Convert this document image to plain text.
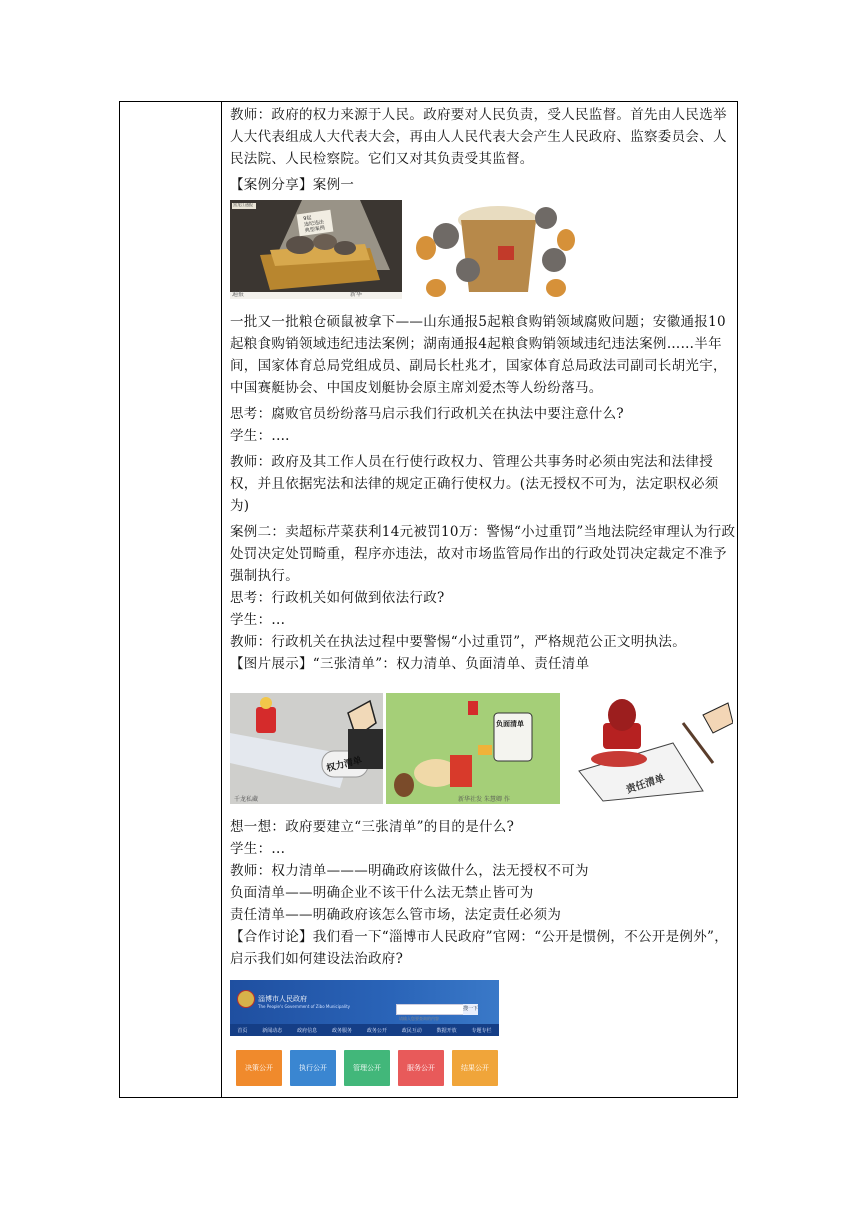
教师：政府的权力来源于人民。政府要对人民负责，受人民监督。首先由人民选举人大代表组成人大代表大会，再由人人民代表大会产生人民政府、监察委员会、人民法院、人民检察院。它们又对其负责受其监督。

【案例分享】案例一

遍报	新华
黑龙江通报
9起
违纪违法
典型案例

一批又一批粮仓硕鼠被拿下——山东通报5起粮食购销领域腐败问题；安徽通报10起粮食购销领域违纪违法案例；湖南通报4起粮食购销领域违纪违法案例……半年间，国家体育总局党组成员、副局长杜兆才，国家体育总局政法司副司长胡光宇，中国赛艇协会、中国皮划艇协会原主席刘爱杰等人纷纷落马。

思考：腐败官员纷纷落马启示我们行政机关在执法中要注意什么?

学生：.…

教师：政府及其工作人员在行使行政权力、管理公共事务时必须由宪法和法律授权，并且依据宪法和法律的规定正确行使权力。(法无授权不可为，法定职权必须为)

案例二：卖超标芹菜获利14元被罚10万：警惕“小过重罚”当地法院经审理认为行政处罚决定处罚畸重，程序亦违法，故对市场监管局作出的行政处罚决定裁定不准予强制执行。

思考：行政机关如何做到依法行政?

学生：...

教师：行政机关在执法过程中要警惕“小过重罚”，严格规范公正文明执法。

【图片展示】“三张清单”：权力清单、负面清单、责任清单

权力清单
千龙私藏
负面清单
新华社发 朱慧卿 作
责任清单

想一想：政府要建立“三张清单”的目的是什么?

学生：...

教师：权力清单———明确政府该做什么，法无授权不可为

负面清单——明确企业不该干什么法无禁止皆可为

责任清单——明确政府该怎么管市场，法定责任必须为

【合作讨论】我们看一下“淄博市人民政府”官网：“公开是惯例，不公开是例外”，启示我们如何建设法治政府?

淄博市人民政府
The People's Government of Zibo Municipality
请输入您要查询的内容
搜一下
首页	新闻动态	政府信息	政务服务	政务公开	政民互动	数据开放	专题专栏
决策公开	执行公开	管理公开	服务公开	结果公开
